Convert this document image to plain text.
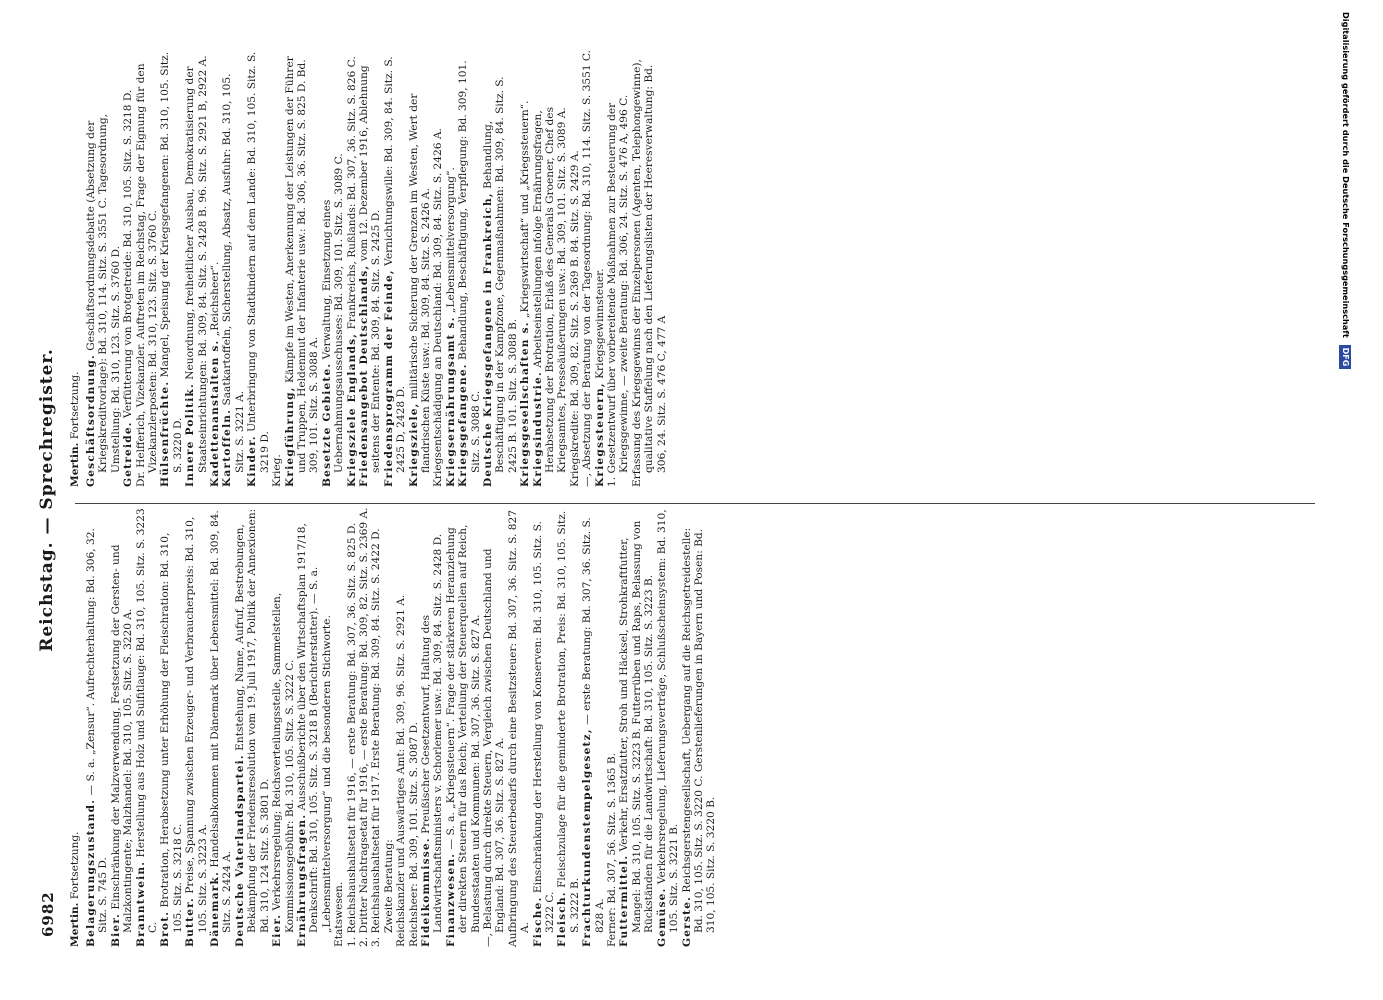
6982
Reichstag. — Sprechregister.
Mertin. Fortsetzung. Belagerungszustand. — S. a. „Zensur“. Aufrechterhaltung: Bd. 306, 32. Sitz. S. 745 D. Bier. Einschränkung der Malzverwendung, Festsetzung der Gersten- und Malzkontingente; Malzhandel: Bd. 310, 105. Sitz. S. 3220 A. Branntwein. Herstellung aus Holz und Sulfitlauge: Bd. 310, 105. Sitz. S. 3223 C. Brot. Brotration, Herabsetzung unter Erhöhung der Fleischration: Bd. 310, 105. Sitz. S. 3218 C. Butter. Preise, Spannung zwischen Erzeuger- und Verbraucherpreis: Bd. 310, 105. Sitz. S. 3223 A. Dänemark. Handelsabkommen mit Dänemark über Lebensmittel: Bd. 309, 84. Sitz. S. 2424 A. Deutsche Vaterlandspartei. Entstehung, Name, Aufruf, Bestrebungen, Bekämpfung der Friedensresolution vom 19. Juli 1917, Politik der Annexionen: Bd. 310, 124 Sitz. S. 3801 D. Eier. Verkehrsregelung; Reichsverteilungsstelle, Sammelstellen, Kommissionsgebühr: Bd. 310, 105. Sitz. S. 3222 C. Ernährungsfragen. Ausschußberichte über den Wirtschaftsplan 1917/18, Denkschrift: Bd. 310, 105. Sitz. S. 3218 B (Berichterstatter). — S. a. „Lebensmittelversorgung“ und die besonderen Stichworte. Etatswesen. 1. Reichshaushaltsetat für 1916, — erste Beratung: Bd. 307, 36. Sitz. S. 825 D. 2. Dritter Nachtragsetat für 1916, — erste Beratung: Bd. 309, 82. Sitz. S. 2369 A. 3. Reichshaushaltsetat für 1917. Erste Beratung: Bd. 309, 84. Sitz. S. 2422 D. Zweite Beratung: Reichskanzler und Auswärtiges Amt: Bd. 309, 96. Sitz. S. 2921 A. Reichsheer: Bd. 309, 101. Sitz. S. 3087 D. Fideikommisse. Preußischer Gesetzentwurf, Haltung des Landwirtschaftsministers v. Schorlemer usw.: Bd. 309, 84. Sitz. S. 2428 D. Finanzwesen. — S. a. „Kriegssteuern“. Frage der stärkeren Heranziehung der direkten Steuern für das Reich; Verteilung der Steuerquellen auf Reich, Bundesstaaten und Kommunen: Bd. 307, 36. Sitz. S. 827 A. —, Belastung durch direkte Steuern, Vergleich zwischen Deutschland und England: Bd. 307, 36. Sitz. S. 827 A. Aufbringung des Steuerbedarfs durch eine Besitzsteuer: Bd. 307, 36. Sitz. S. 827 A. Fische. Einschränkung der Herstellung von Konserven: Bd. 310, 105. Sitz. S. 3222 C. Fleisch. Fleischzulage für die geminderte Brotration, Preis: Bd. 310, 105. Sitz. S. 3222 B. Frachturkundenstempelgesetz, — erste Beratung: Bd. 307, 36. Sitz. S. 828 A. Ferner: Bd. 307, 56. Sitz. S. 1365 B. Futtermittel. Verkehr, Ersatzfutter, Stroh und Häcksel, Strohkraftfutter, Mangel: Bd. 310, 105. Sitz. S. 3223 B. Futterrüben und Raps, Belassung von Rückständen für die Landwirtschaft: Bd. 310, 105. Sitz. S. 3223 B. Gemüse. Verkehrsregelung, Lieferungsverträge, Schlußscheinsystem: Bd. 310, 105. Sitz. S. 3221 B. Gerste. Reichsgerstengesellschaft, Uebergang auf die Reichsgetreidestelle: Bd. 310, 105. Sitz. S. 3220 C. Gerstenlieferungen in Bayern und Posen: Bd. 310, 105. Sitz. S. 3220 B.

Mertin. Fortsetzung. Geschäftsordnung. Geschäftsordnungsdebatte (Absetzung der Kriegskreditvorlage): Bd. 310, 114. Sitz. S. 3551 C. Tagesordnung, Umstellung: Bd. 310, 123. Sitz. S. 3760 D. Getreide. Verfütterung von Brotgetreide: Bd. 310, 105. Sitz. S. 3218 D. Dr. Helfferich, Vizekanzler. Auftreten im Reichstag, Frage der Eignung für den Vizekanzlerposten: Bd. 310, 123. Sitz. S. 3760 C. Hülsenfrüchte. Mangel, Speisung der Kriegsgefangenen: Bd. 310, 105. Sitz. S. 3220 D. Innere Politik. Neuordnung, freiheitlicher Ausbau, Demokratisierung der Staatseinrichtungen: Bd. 309, 84. Sitz. S. 2428 B. 96. Sitz. S. 2921 B, 2922 A. Kadettenanstalten s. „Reichsheer“.

Kartoffeln. Saatkartoffeln, Sicherstellung, Absatz, Ausfuhr: Bd. 310, 105. Sitz. S. 3221 A. Kinder. Unterbringung von Stadtkindern auf dem Lande: Bd. 310, 105. Sitz. S. 3219 D. Krieg. Kriegführung, Kämpfe im Westen, Anerkennung der Leistungen der Führer und Truppen, Heldenmut der Infanterie usw.: Bd. 306, 36. Sitz. S. 825 D. Bd. 309, 101. Sitz. S. 3088 A. Besetzte Gebiete. Verwaltung, Einsetzung eines Uebernahmungsausschusses: Bd. 309, 101. Sitz. S. 3089 C. Kriegsziele Englands, Frankreichs, Rußlands: Bd. 307, 36. Sitz. S. 826 C.

Friedensangebot Deutschlands, vom 12. Dezember 1916, Ablehnung seitens der Entente: Bd. 309, 84. Sitz. S. 2425 D. Friedensprogramm der Feinde, Vernichtungswille: Bd. 309, 84. Sitz. S. 2425 D, 2428 D. Kriegsziele, militärische Sicherung der Grenzen im Westen, Wert der flandrischen Küste usw.: Bd. 309, 84. Sitz. S. 2426 A. Kriegsentschädigung an Deutschland: Bd. 309, 84. Sitz. S. 2426 A. Kriegsernährungsamt s. „Lebensmittelversorgung“.

Kriegsgefangene. Behandlung, Beschäftigung, Verpflegung: Bd. 309, 101. Sitz. S. 3088 C. Deutsche Kriegsgefangene in Frankreich, Behandlung, Beschäftigung in der Kampfzone, Gegenmaßnahmen: Bd. 309, 84. Sitz. S. 2425 B. 101. Sitz. S. 3088 B. Kriegsgesellschaften s. „Kriegswirtschaft“ und „Kriegssteuern“.

Kriegsindustrie. Arbeitseinstellungen infolge Ernährungsfragen, Herabsetzung der Brotration, Erlaß des Generals Groener, Chef des Kriegsamtes, Presseäußerungen usw.: Bd. 309, 101. Sitz. S. 3089 A. Kriegskredite: Bd. 309, 82. Sitz. S. 2369 B. 84. Sitz. S. 2429 A. —, Absetzung der Beratung von der Tagesordnung: Bd. 310, 114. Sitz. S. 3551 C. Kriegssteuern, Kriegsgewinnsteuer. 1. Gesetzentwurf über vorbereitende Maßnahmen zur Besteuerung der Kriegsgewinne, — zweite Beratung: Bd. 306, 24. Sitz. S. 476 A, 496 C. Erfassung des Kriegsgewinns der Einzelpersonen (Agenten, Telephongewinne), qualitative Staffelung nach den Lieferungslisten der Heeresverwaltung: Bd. 306, 24. Sitz. S. 476 C, 477 A

Digitalisierung gefördert durch die Deutsche Forschungsgemeinschaft DFG
